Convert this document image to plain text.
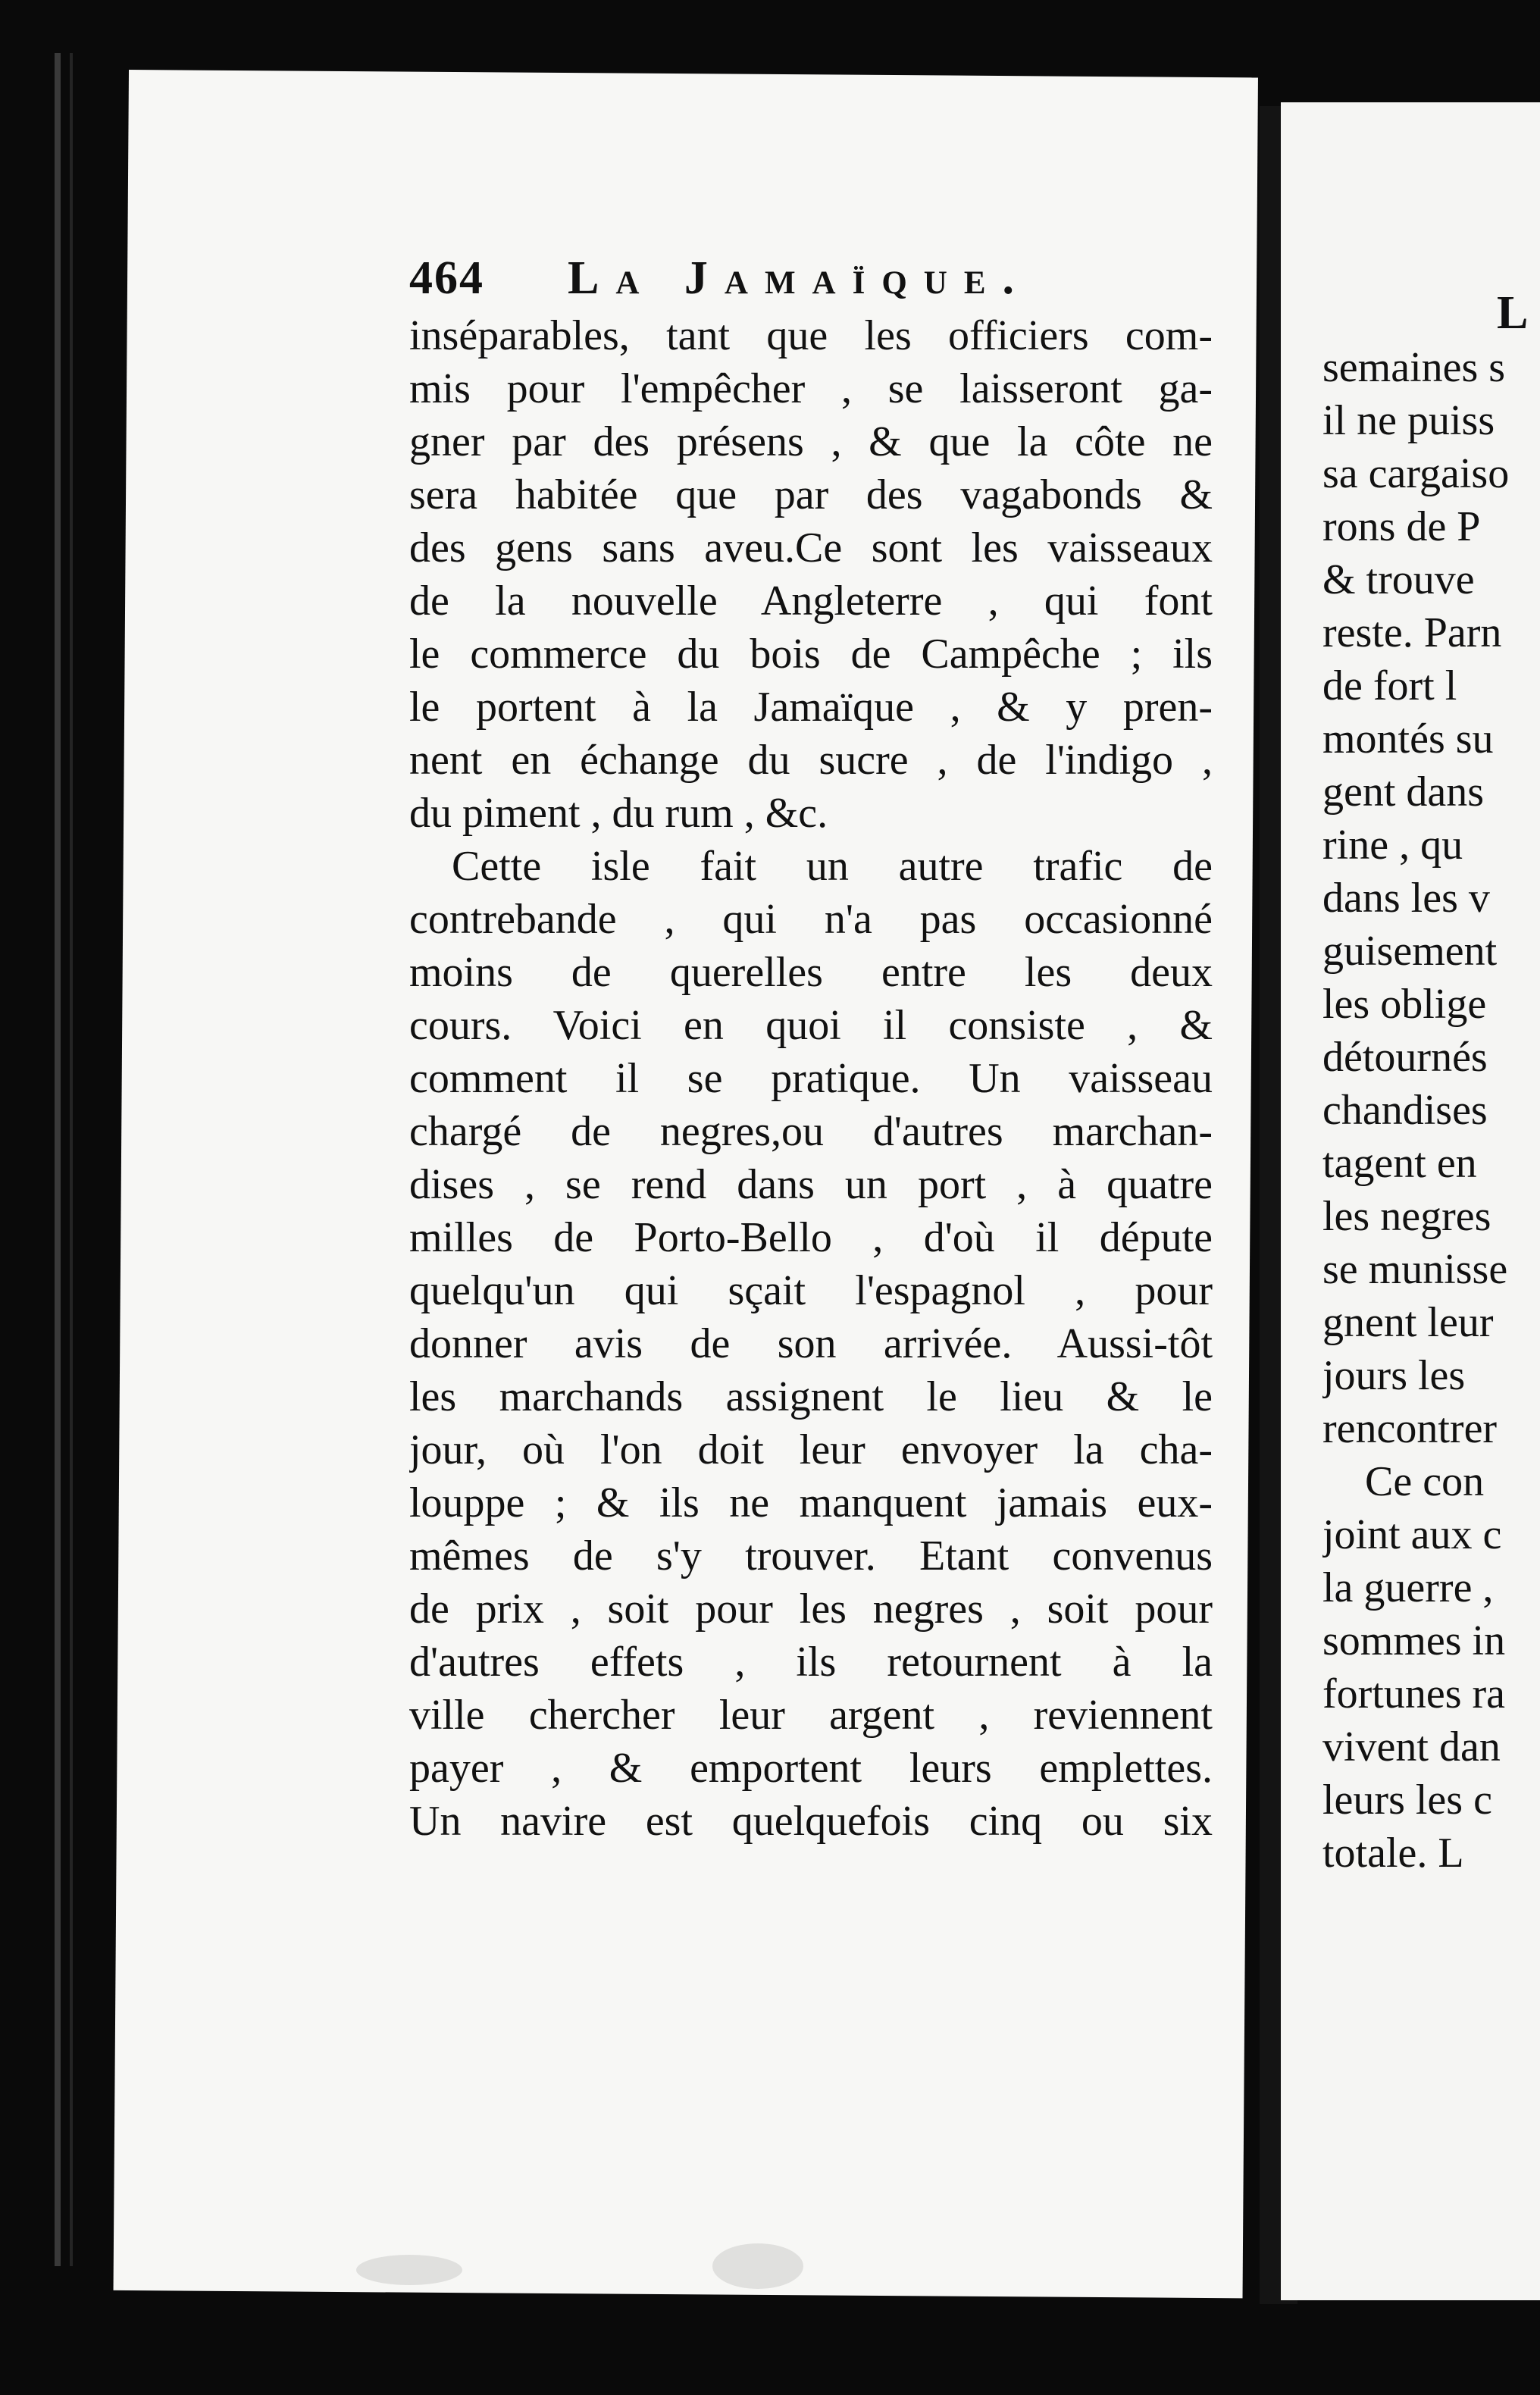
464 La Jamaïque.
inséparables, tant que les officiers com-
mis pour l'empêcher , se laisseront ga-
gner par des présens , & que la côte ne
sera habitée que par des vagabonds &
des gens sans aveu.Ce sont les vaisseaux
de la nouvelle Angleterre , qui font
le commerce du bois de Campêche ; ils
le portent à la Jamaïque , & y pren-
nent en échange du sucre , de l'indigo ,
du piment , du rum , &c.
Cette isle fait un autre trafic de
contrebande , qui n'a pas occasionné
moins de querelles entre les deux
cours. Voici en quoi il consiste , &
comment il se pratique. Un vaisseau
chargé de negres,ou d'autres marchan-
dises , se rend dans un port , à quatre
milles de Porto-Bello , d'où il députe
quelqu'un qui sçait l'espagnol , pour
donner avis de son arrivée. Aussi-tôt
les marchands assignent le lieu & le
jour, où l'on doit leur envoyer la cha-
louppe ; & ils ne manquent jamais eux-
mêmes de s'y trouver. Etant convenus
de prix , soit pour les negres , soit pour
d'autres effets , ils retournent à la
ville chercher leur argent , reviennent
payer , & emportent leurs emplettes.
Un navire est quelquefois cinq ou six
L
semaines s
il ne puiss
sa cargaiso
rons de P
& trouve
reste. Parn
de fort l
montés su
gent dans
rine , qu
dans les v
guisement
les oblige
détournés
chandises
tagent en
les negres
se munisse
gnent leur
jours les
rencontrer
Ce con
joint aux c
la guerre ,
sommes in
fortunes ra
vivent dan
leurs les c
totale. L
